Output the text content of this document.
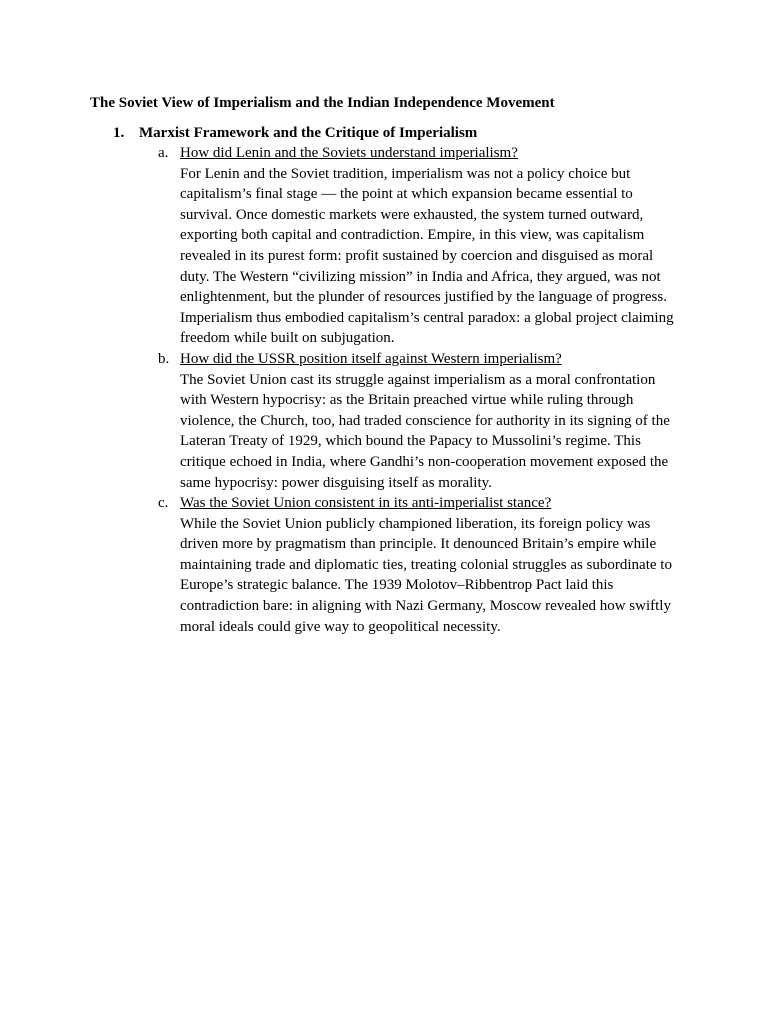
The Soviet View of Imperialism and the Indian Independence Movement
1. Marxist Framework and the Critique of Imperialism
a. How did Lenin and the Soviets understand imperialism?

For Lenin and the Soviet tradition, imperialism was not a policy choice but capitalism’s final stage — the point at which expansion became essential to survival. Once domestic markets were exhausted, the system turned outward, exporting both capital and contradiction. Empire, in this view, was capitalism revealed in its purest form: profit sustained by coercion and disguised as moral duty. The Western “civilizing mission” in India and Africa, they argued, was not enlightenment, but the plunder of resources justified by the language of progress. Imperialism thus embodied capitalism’s central paradox: a global project claiming freedom while built on subjugation.

b. How did the USSR position itself against Western imperialism?

The Soviet Union cast its struggle against imperialism as a moral confrontation with Western hypocrisy: as the Britain preached virtue while ruling through violence, the Church, too, had traded conscience for authority in its signing of the Lateran Treaty of 1929, which bound the Papacy to Mussolini’s regime. This critique echoed in India, where Gandhi’s non-cooperation movement exposed the same hypocrisy: power disguising itself as morality.

c. Was the Soviet Union consistent in its anti-imperialist stance?

While the Soviet Union publicly championed liberation, its foreign policy was driven more by pragmatism than principle. It denounced Britain’s empire while maintaining trade and diplomatic ties, treating colonial struggles as subordinate to Europe’s strategic balance. The 1939 Molotov–Ribbentrop Pact laid this contradiction bare: in aligning with Nazi Germany, Moscow revealed how swiftly moral ideals could give way to geopolitical necessity.
